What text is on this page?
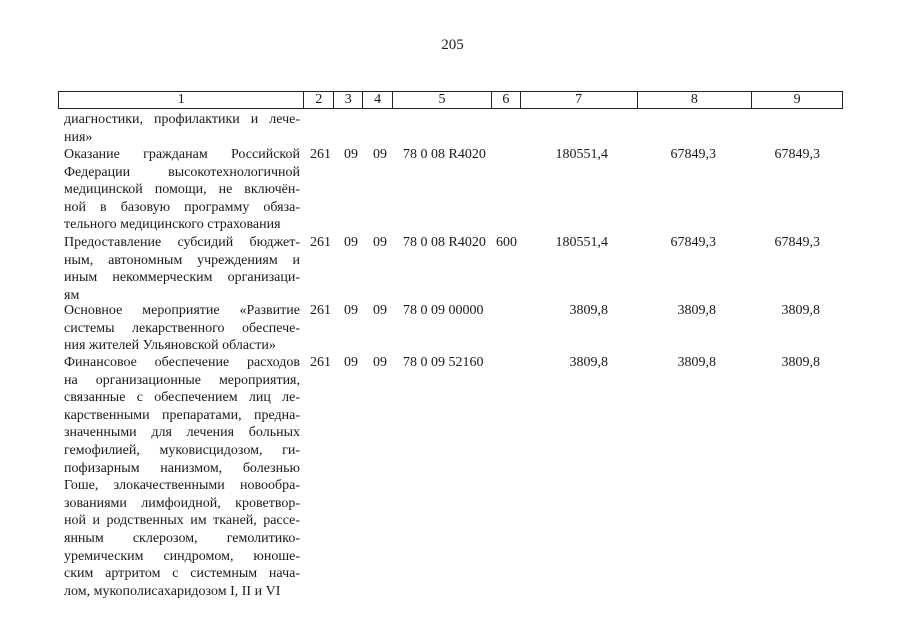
205
1	2	3	4	5	6	7	8	9
диагностики, профилактики и лече-
ния»
Оказание гражданам Российской
Федерации высокотехнологичной
медицинской помощи, не включён-
ной в базовую программу обяза-
тельного медицинского страхования
261 09 09 78 0 08 R4020	180551,4	67849,3	67849,3
Предоставление субсидий бюджет-
ным, автономным учреждениям и
иным некоммерческим организаци-
ям
261 09 09 78 0 08 R4020 600	180551,4	67849,3	67849,3
Основное мероприятие «Развитие
системы лекарственного обеспече-
ния жителей Ульяновской области»
261 09 09 78 0 09 00000	3809,8	3809,8	3809,8
Финансовое обеспечение расходов
на организационные мероприятия,
связанные с обеспечением лиц ле-
карственными препаратами, предна-
значенными для лечения больных
гемофилией, муковисцидозом, ги-
пофизарным нанизмом, болезнью
Гоше, злокачественными новообра-
зованиями лимфоидной, кроветвор-
ной и родственных им тканей, рассе-
янным склерозом, гемолитико-
уремическим синдромом, юноше-
ским артритом с системным нача-
лом, мукополисахаридозом I, II и VI
261 09 09 78 0 09 52160	3809,8	3809,8	3809,8
